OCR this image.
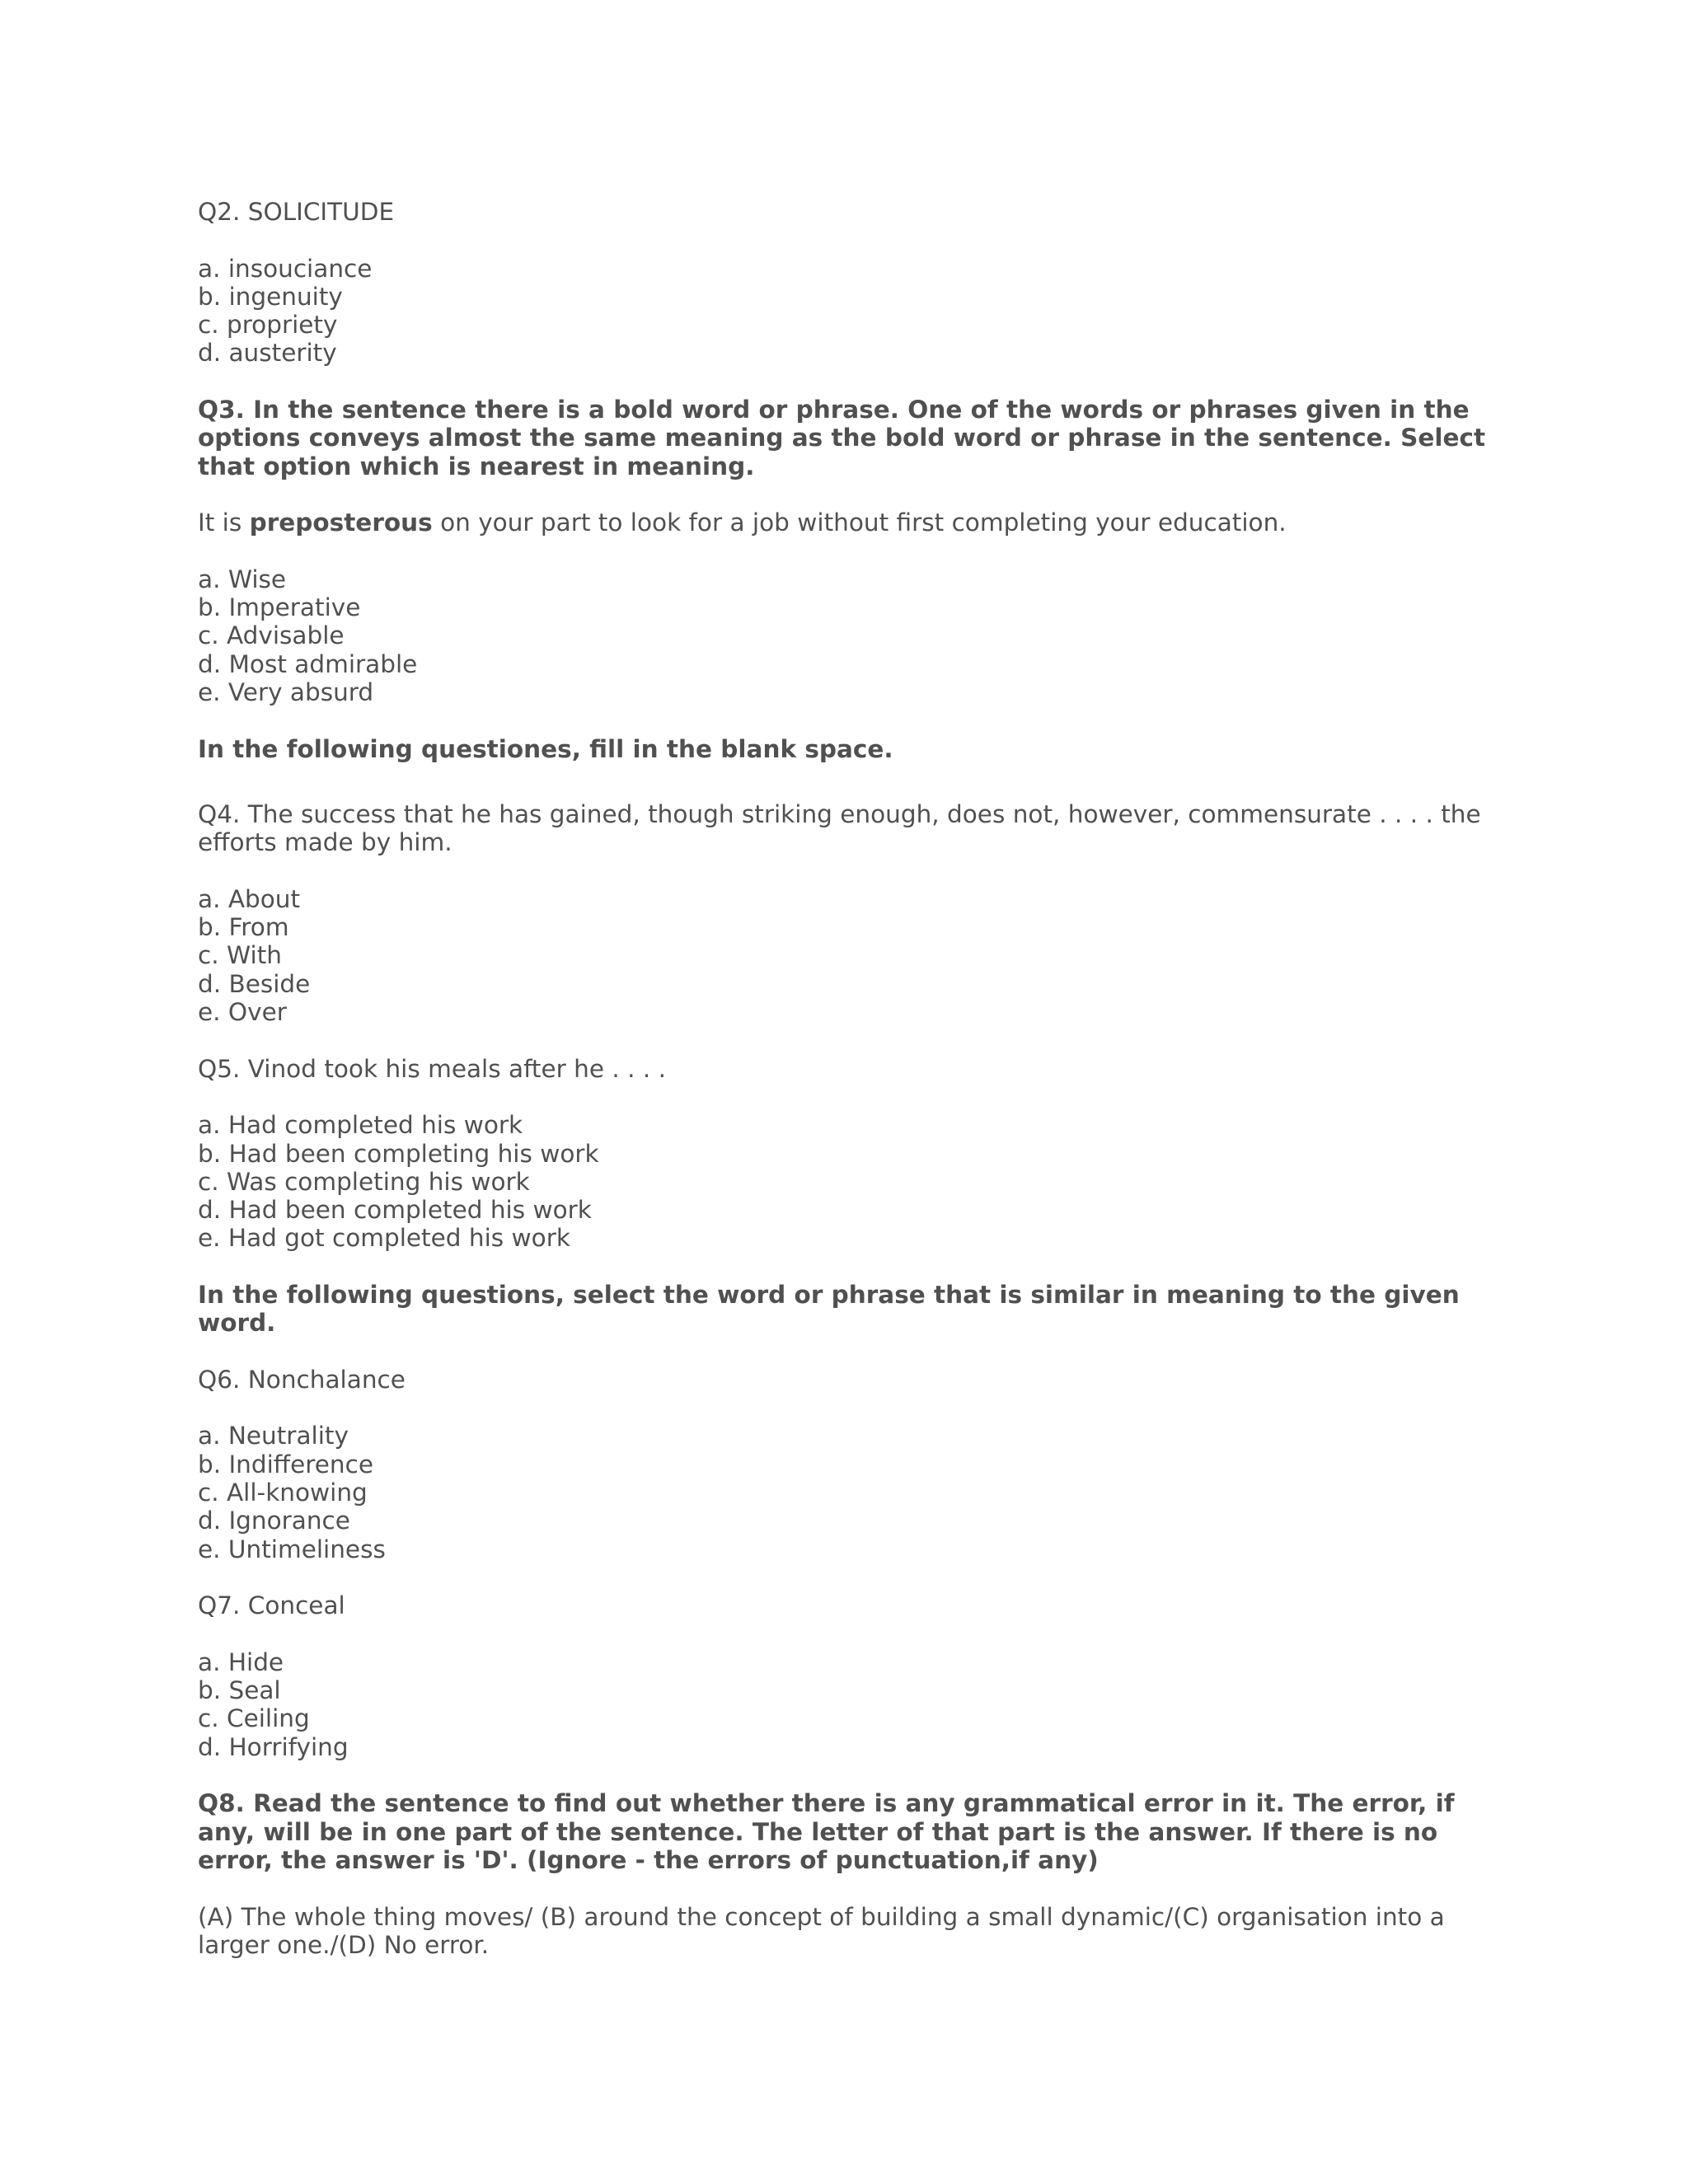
Q2. SOLICITUDE

a. insouciance
b. ingenuity
c. propriety
d. austerity

Q3. In the sentence there is a bold word or phrase. One of the words or phrases given in the options conveys almost the same meaning as the bold word or phrase in the sentence. Select that option which is nearest in meaning.

It is preposterous on your part to look for a job without first completing your education.

a. Wise
b. Imperative
c. Advisable
d. Most admirable
e. Very absurd

In the following questiones, fill in the blank space.

Q4. The success that he has gained, though striking enough, does not, however, commensurate . . . . the efforts made by him.

a. About
b. From
c. With
d. Beside
e. Over

Q5. Vinod took his meals after he . . . .

a. Had completed his work
b. Had been completing his work
c. Was completing his work
d. Had been completed his work
e. Had got completed his work

In the following questions, select the word or phrase that is similar in meaning to the given word.

Q6. Nonchalance

a. Neutrality
b. Indifference
c. All-knowing
d. Ignorance
e. Untimeliness

Q7. Conceal

a. Hide
b. Seal
c. Ceiling
d. Horrifying

Q8. Read the sentence to find out whether there is any grammatical error in it. The error, if any, will be in one part of the sentence. The letter of that part is the answer. If there is no error, the answer is 'D'. (Ignore - the errors of punctuation,if any)

(A) The whole thing moves/ (B) around the concept of building a small dynamic/(C) organisation into a larger one./(D) No error.
